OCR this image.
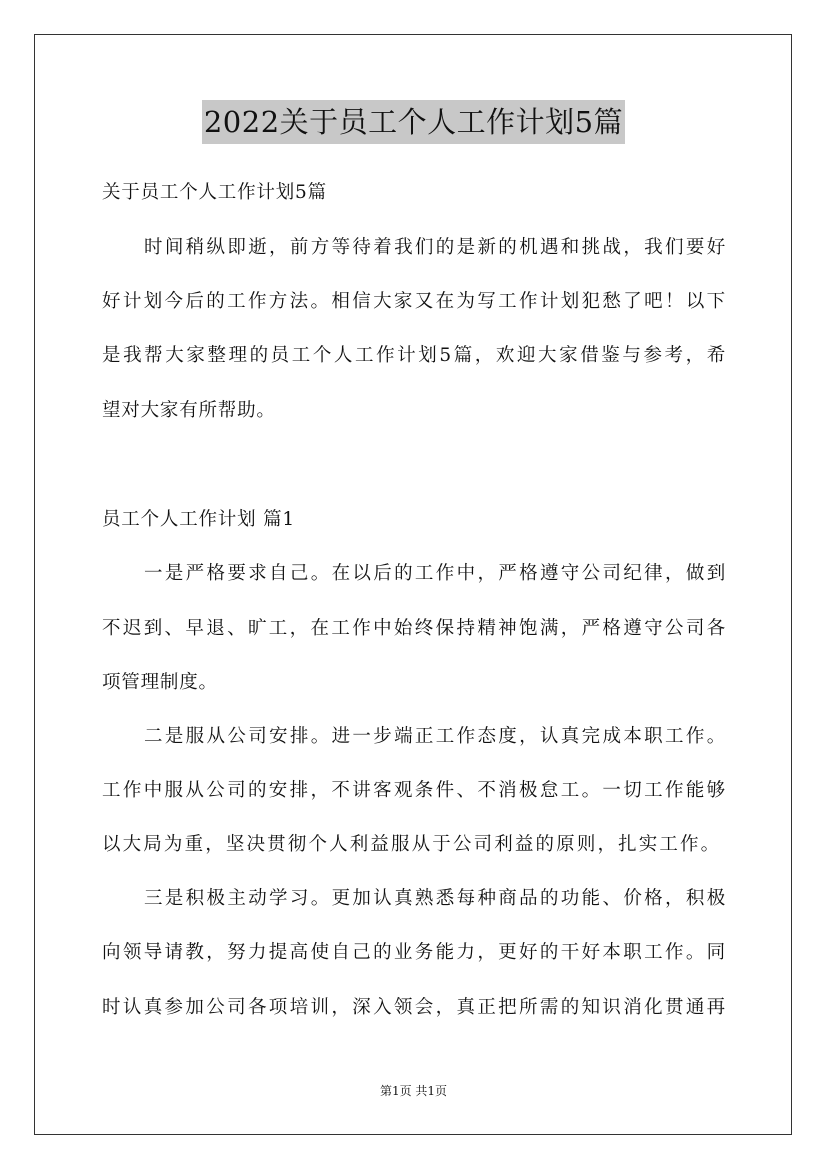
2022关于员工个人工作计划5篇
关于员工个人工作计划5篇
时间稍纵即逝，前方等待着我们的是新的机遇和挑战，我们要好
好计划今后的工作方法。相信大家又在为写工作计划犯愁了吧！以下
是我帮大家整理的员工个人工作计划5篇，欢迎大家借鉴与参考，希
望对大家有所帮助。
员工个人工作计划 篇1
一是严格要求自己。在以后的工作中，严格遵守公司纪律，做到
不迟到、早退、旷工，在工作中始终保持精神饱满，严格遵守公司各
项管理制度。
二是服从公司安排。进一步端正工作态度，认真完成本职工作。
工作中服从公司的安排，不讲客观条件、不消极怠工。一切工作能够
以大局为重，坚决贯彻个人利益服从于公司利益的原则，扎实工作。
三是积极主动学习。更加认真熟悉每种商品的功能、价格，积极
向领导请教，努力提高使自己的业务能力，更好的干好本职工作。同
时认真参加公司各项培训，深入领会，真正把所需的知识消化贯通再
第1页 共1页
